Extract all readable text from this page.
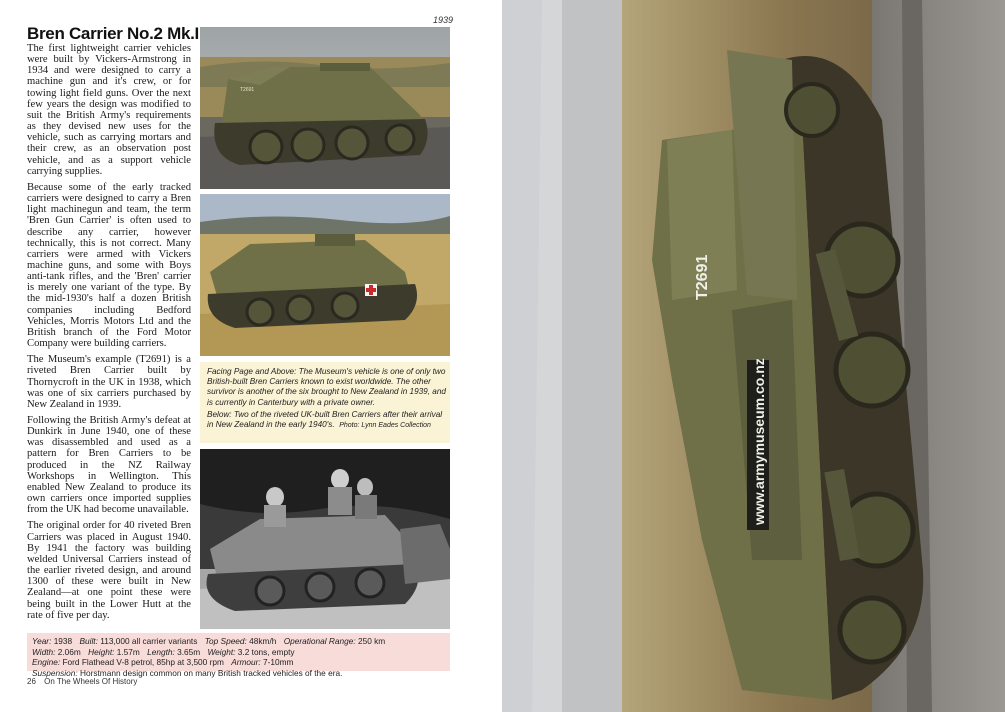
1939
Bren Carrier No.2 Mk.I

The first lightweight carrier vehicles were built by Vickers-Armstrong in 1934 and were designed to carry a machine gun and it's crew, or for towing light field guns. Over the next few years the design was modified to suit the British Army's requirements as they devised new uses for the vehicle, such as carrying mortars and their crew, as an observation post vehicle, and as a support vehicle carrying supplies.

Because some of the early tracked carriers were designed to carry a Bren light machinegun and team, the term 'Bren Gun Carrier' is often used to describe any carrier, however technically, this is not correct. Many carriers were armed with Vickers machine guns, and some with Boys anti-tank rifles, and the 'Bren' carrier is merely one variant of the type. By the mid-1930's half a dozen British companies including Bedford Vehicles, Morris Motors Ltd and the British branch of the Ford Motor Company were building carriers.

The Museum's example (T2691) is a riveted Bren Carrier built by Thornycroft in the UK in 1938, which was one of six carriers purchased by New Zealand in 1939.

Following the British Army's defeat at Dunkirk in June 1940, one of these was disassembled and used as a pattern for Bren Carriers to be produced in the NZ Railway Workshops in Wellington. This enabled New Zealand to produce its own carriers once imported supplies from the UK had become unavailable.

The original order for 40 riveted Bren Carriers was placed in August 1940. By 1941 the factory was building welded Universal Carriers instead of the earlier riveted design, and around 1300 of these were built in New Zealand—at one point these were being built in the Lower Hutt at the rate of five per day.

T2691

Facing Page and Above: The Museum's vehicle is one of only two British-built Bren Carriers known to exist worldwide. The other survivor is another of the six brought to New Zealand in 1939, and is currently in Canterbury with a private owner.

Below: Two of the riveted UK-built Bren Carriers after their arrival in New Zealand in the early 1940's. Photo: Lynn Eades Collection

Year: 1938 Built: 113,000 all carrier variants Top Speed: 48km/h Operational Range: 250 km Width: 2.06m Height: 1.57m Length: 3.65m Weight: 3.2 tons, empty Engine: Ford Flathead V-8 petrol, 85hp at 3,500 rpm Armour: 7-10mm Suspension: Horstmann design common on many British tracked vehicles of the era.
26 On The Wheels Of History
www.armymuseum.co.nz
T2691
